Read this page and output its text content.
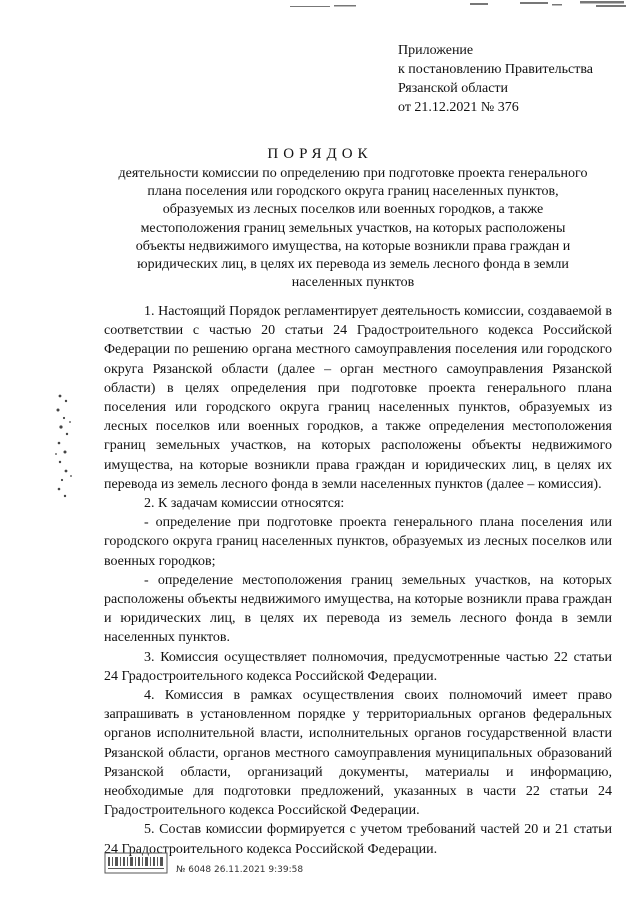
Приложение
к постановлению Правительства
Рязанской области
от 21.12.2021 № 376
ПОРЯДОК
деятельности комиссии по определению при подготовке проекта генерального плана поселения или городского округа границ населенных пунктов, образуемых из лесных поселков или военных городков, а также местоположения границ земельных участков, на которых расположены объекты недвижимого имущества, на которые возникли права граждан и юридических лиц, в целях их перевода из земель лесного фонда в земли населенных пунктов

1. Настоящий Порядок регламентирует деятельность комиссии, создаваемой в соответствии с частью 20 статьи 24 Градостроительного кодекса Российской Федерации по решению органа местного самоуправления поселения или городского округа Рязанской области (далее – орган местного самоуправления Рязанской области) в целях определения при подготовке проекта генерального плана поселения или городского округа границ населенных пунктов, образуемых из лесных поселков или военных городков, а также определения местоположения границ земельных участков, на которых расположены объекты недвижимого имущества, на которые возникли права граждан и юридических лиц, в целях их перевода из земель лесного фонда в земли населенных пунктов (далее – комиссия).

2. К задачам комиссии относятся:

- определение при подготовке проекта генерального плана поселения или городского округа границ населенных пунктов, образуемых из лесных поселков или военных городков;

- определение местоположения границ земельных участков, на которых расположены объекты недвижимого имущества, на которые возникли права граждан и юридических лиц, в целях их перевода из земель лесного фонда в земли населенных пунктов.

3. Комиссия осуществляет полномочия, предусмотренные частью 22 статьи 24 Градостроительного кодекса Российской Федерации.

4. Комиссия в рамках осуществления своих полномочий имеет право запрашивать в установленном порядке у территориальных органов федеральных органов исполнительной власти, исполнительных органов государственной власти Рязанской области, органов местного самоуправления муниципальных образований Рязанской области, организаций документы, материалы и информацию, необходимые для подготовки предложений, указанных в части 22 статьи 24 Градостроительного кодекса Российской Федерации.

5. Состав комиссии формируется с учетом требований частей 20 и 21 статьи 24 Градостроительного кодекса Российской Федерации.

№ 6048 26.11.2021 9:39:58
